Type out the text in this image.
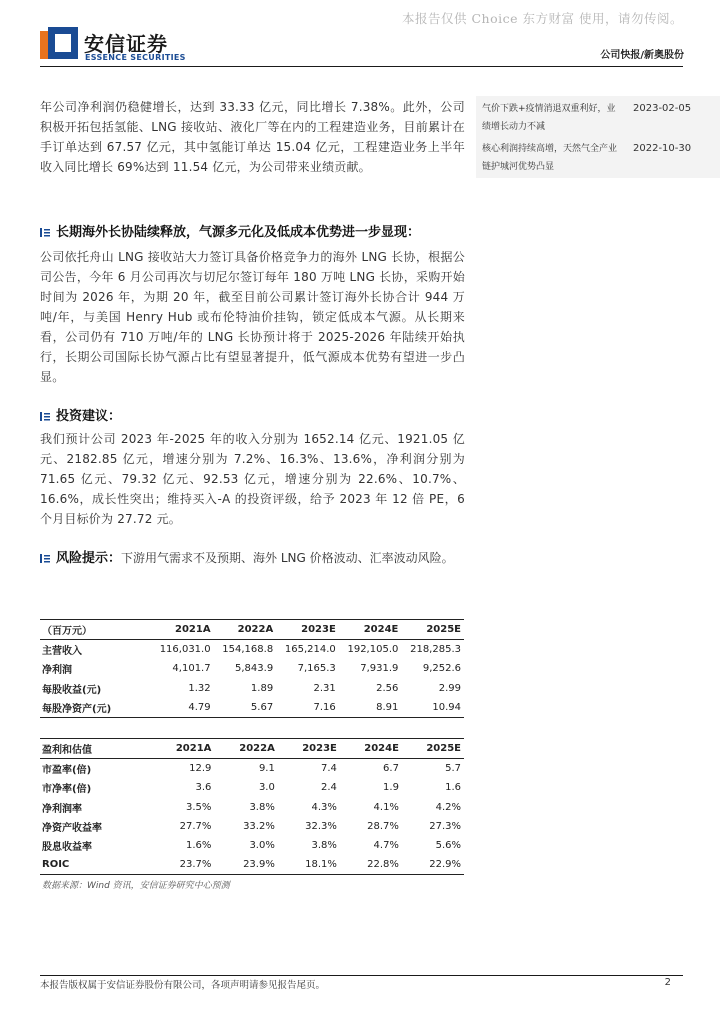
本报告仅供 Choice 东方财富 使用，请勿传阅。
安信证券
ESSENCE SECURITIES	公司快报/新奥股份
气价下跌+疫情消退双重利好，业绩增长动力不减
2023-02-05
核心利润持续高增，天然气全产业链护城河优势凸显
2022-10-30
年公司净利润仍稳健增长，达到 33.33 亿元，同比增长 7.38%。此外，公司积极开拓包括氢能、LNG 接收站、液化厂等在内的工程建造业务，目前累计在手订单达到 67.57 亿元，其中氢能订单达 15.04 亿元，工程建造业务上半年收入同比增长 69%达到 11.54 亿元，为公司带来业绩贡献。
长期海外长协陆续释放，气源多元化及低成本优势进一步显现：
公司依托舟山 LNG 接收站大力签订具备价格竞争力的海外 LNG 长协，根据公司公告，今年 6 月公司再次与切尼尔签订每年 180 万吨 LNG 长协，采购开始时间为 2026 年，为期 20 年，截至目前公司累计签订海外长协合计 944 万吨/年，与美国 Henry Hub 或布伦特油价挂钩，锁定低成本气源。从长期来看，公司仍有 710 万吨/年的 LNG 长协预计将于 2025-2026 年陆续开始执行，长期公司国际长协气源占比有望显著提升，低气源成本优势有望进一步凸显。
投资建议：
我们预计公司 2023 年-2025 年的收入分别为 1652.14 亿元、1921.05 亿元、2182.85 亿元，增速分别为 7.2%、16.3%、13.6%，净利润分别为 71.65 亿元、79.32 亿元、92.53 亿元，增速分别为 22.6%、10.7%、16.6%，成长性突出；维持买入-A 的投资评级，给予 2023 年 12 倍 PE，6 个月目标价为 27.72 元。
风险提示：下游用气需求不及预期、海外 LNG 价格波动、汇率波动风险。
（百万元）	2021A	2022A	2023E	2024E	2025E
主营收入	116,031.0	154,168.8	165,214.0	192,105.0	218,285.3
净利润	4,101.7	5,843.9	7,165.3	7,931.9	9,252.6
每股收益(元)	1.32	1.89	2.31	2.56	2.99
每股净资产(元)	4.79	5.67	7.16	8.91	10.94
盈利和估值	2021A	2022A	2023E	2024E	2025E
市盈率(倍)	12.9	9.1	7.4	6.7	5.7
市净率(倍)	3.6	3.0	2.4	1.9	1.6
净利润率	3.5%	3.8%	4.3%	4.1%	4.2%
净资产收益率	27.7%	33.2%	32.3%	28.7%	27.3%
股息收益率	1.6%	3.0%	3.8%	4.7%	5.6%
ROIC	23.7%	23.9%	18.1%	22.8%	22.9%
数据来源：Wind 资讯，安信证券研究中心预测
本报告版权属于安信证券股份有限公司，各项声明请参见报告尾页。	2
